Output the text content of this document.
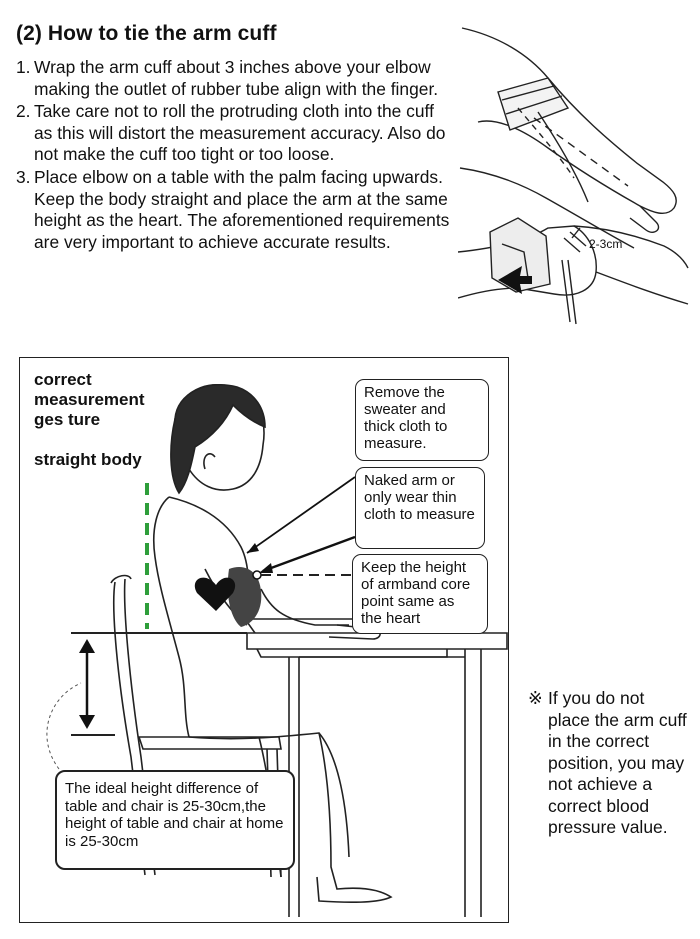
(2) How to tie the arm cuff
1. Wrap the arm cuff about 3 inches above your elbow making the outlet of rubber tube align with the finger.
2. Take care not to roll the protruding cloth into the cuff as this will distort the measurement accuracy. Also do not make the cuff too tight or too loose.
3. Place elbow on a table with the palm facing upwards. Keep the body straight and place the arm at the same height as the heart. The aforementioned requirements are very important to achieve accurate results.	2-3cm
correct
measurement
ges ture
straight body
Remove the sweater and thick cloth to measure.
Naked arm or only wear thin cloth to measure
Keep the height of armband core point same as the heart
The ideal height difference of table and chair is 25-30cm,the height of table and chair at home is 25-30cm
※ If you do not place the arm cuff in the correct position, you may not achieve a correct blood pressure value.
